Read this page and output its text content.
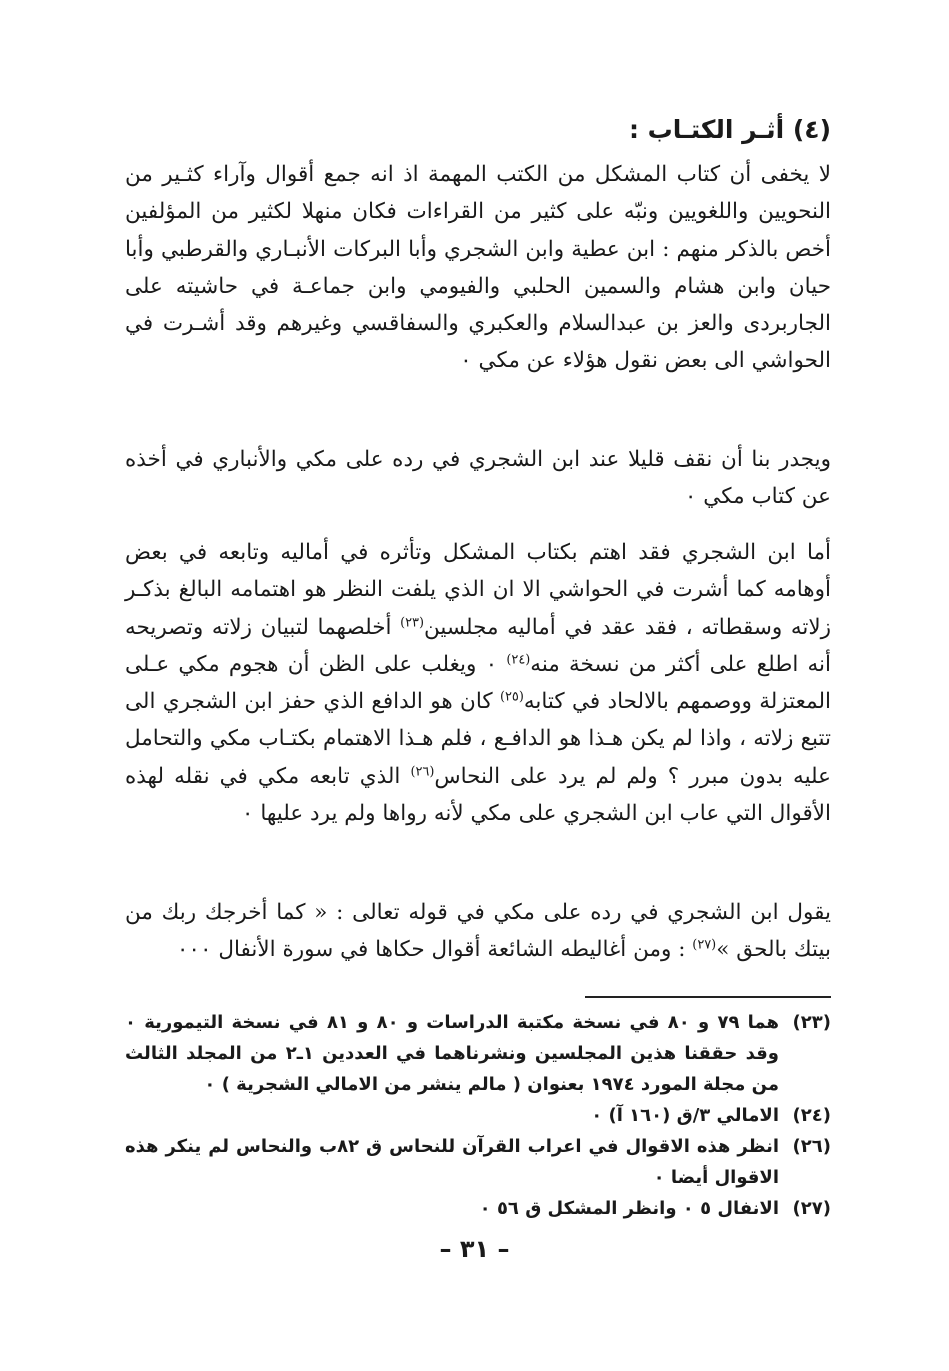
(٤) أثـر الكتـاب :

لا يخفى أن كتاب المشكل من الكتب المهمة اذ انه جمع أقوال وآراء كثـير من النحويين واللغويين ونبّه على كثير من القراءات فكان منهلا لكثير من المؤلفين أخص بالذكر منهم : ابن عطية وابن الشجري وأبا البركات الأنبـاري والقرطبي وأبا حيان وابن هشام والسمين الحلبي والفيومي وابن جماعـة في حاشيته على الجاربردى والعز بن عبدالسلام والعكبري والسفاقسي وغيرهم وقد أشـرت في الحواشي الى بعض نقول هؤلاء عن مكي ٠

ويجدر بنا أن نقف قليلا عند ابن الشجري في رده على مكي والأنباري في أخذه عن كتاب مكي ٠

أما ابن الشجري فقد اهتم بكتاب المشكل وتأثره في أماليه وتابعه في بعض أوهامه كما أشرت في الحواشي الا ان الذي يلفت النظر هو اهتمامه البالغ بذكـر زلاته وسقطاته ، فقد عقد في أماليه مجلسين$^{(٢٣)}$ أخلصهما لتبيان زلاته وتصريحه أنه اطلع على أكثر من نسخة منه$^{(٢٤)}$ ٠ ويغلب على الظن أن هجوم مكي عـلى المعتزلة ووصمهم بالالحاد في كتابه$^{(٢٥)}$ كان هو الدافع الذي حفز ابن الشجري الى تتبع زلاته ، واذا لم يكن هـذا هو الدافـع ، فلم هـذا الاهتمام بكتـاب مكي والتحامل عليه بدون مبرر ؟ ولم لم يرد على النحاس$^{(٢٦)}$ الذي تابعه مكي في نقله لهذه الأقوال التي عاب ابن الشجري على مكي لأنه رواها ولم يرد عليها ٠

يقول ابن الشجري في رده على مكي في قوله تعالى : « كما أخرجك ربك من بيتك بالحق »$^{(٢٧)}$ : ومن أغاليطه الشائعة أقوال حكاها في سورة الأنفال ٠٠٠

(٢٣)
هما ٧٩ و ٨٠ في نسخة مكتبة الدراسات و ٨٠ و ٨١ في نسخة التيمورية ٠ وقد حققنا هذين المجلسين ونشرناهما في العددين ١ـ٢ من المجلد الثالث من مجلة المورد ١٩٧٤ بعنوان ( مالم ينشر من الامالي الشجرية ) ٠
(٢٤)
الامالي ٣/ق (١٦٠ آ) ٠
(٢٦)
انظر هذه الاقوال في اعراب القرآن للنحاس ق ٨٢ب والنحاس لم ينكر هذه الاقوال أيضا ٠
(٢٧)
الانفال ٥ ٠ وانظر المشكل ق ٥٦ ٠
– ٣١ –
